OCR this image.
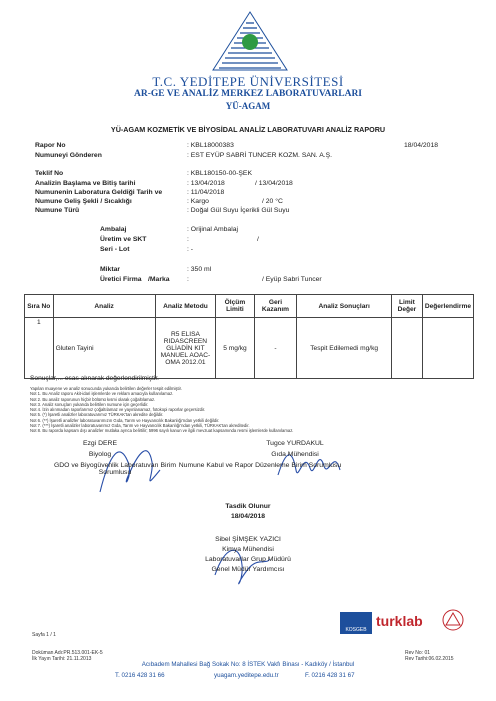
T.C. YEDİTEPE ÜNİVERSİTESİ
AR-GE VE ANALİZ MERKEZ LABORATUVARLARI
YÜ-AGAM
YÜ-AGAM KOZMETİK VE BİYOSİDAL ANALİZ LABORATUVARI ANALİZ RAPORU
Rapor No	: KBL18000383	18/04/2018
Numuneyi Gönderen	: EST EYÜP SABRİ TUNCER KOZM. SAN. A.Ş.
Teklif No	: KBL180150-00-ŞEK
Analizin Başlama ve Bitiş tarihi	: 13/04/2018	/ 13/04/2018
Numunenin Laboratura Geldiği Tarih ve	: 11/04/2018
Numune Geliş Şekli / Sıcaklığı	: Kargo	/ 20 °C
Numune Türü	: Doğal Gül Suyu İçerikli Gül Suyu
Ambalaj	: Orijinal Ambalaj
Üretim ve SKT	:	/
Seri - Lot	: -
Miktar	: 350 ml
Üretici Firma /Marka	:	/ Eyüp Sabri Tuncer
Sıra No	Analiz	Analiz Metodu	Ölçüm Limiti	Geri Kazanım	Analiz Sonuçları	Limit Değer	Değerlendirme
1	Gluten Tayini	R5 ELISA RIDASCREEN GLİADİN KIT MANUEL AOAC-OMA 2012.01	5 mg/kg	-	Tespit Edilemedi mg/kg		
Sonuçlar,... esas alınarak değerlendirilmiştir.
Yapılan muayene ve analiz sonucunda yukarıda belirtilen değerler tespit edilmiştir.
Not 1. Bu Analiz raporu Akit-idari işlemlerde ve reklam amacıyla kullanılamaz.
Not 2. Bu analiz raporunun hiçbir bölümü kısmi olarak çoğaltılamaz.
Not 3. Analiz sonuçları yukarıda belirtilen numune için geçerlidir.
Not 4. İzin alınmadan raporlarımız çoğaltılamaz ve yayınlanamaz, fotokopi raporlar geçersizdir.
Not 5. (*) İşaretli analizler laboratuvarımız TÜRKAK'tan akredite değildir.
Not 6. (**) İşaretli analizler laboratuvarımızın Gıda, Tarım ve Hayvancılık Bakanlığı'ndan yetkili değildir.
Not 7. (***) İşaretli analizler laboratuvarımız Gıda, Tarım ve Hayvancılık Bakanlığı'ndan yetkili, TÜRKAK'tan akreditedir.
Not 8. Bu raporda kapsam dışı analizler mutlaka ayrıca belirtilir; 5996 sayılı kanun ve ilgili mevzuat kapsamında resmi işlemlerde kullanılamaz.
Ezgi DERE
Biyolog
GDO ve Biyogüvenlik Laboratuvarı Birim Sorumlusu
Tugce YURDAKUL
Gıda Mühendisi
Numune Kabul ve Rapor Düzenleme Birim Sorumlusu
Tasdik Olunur
18/04/2018
Sibel ŞİMŞEK YAZICI
Kimya Mühendisi
Laboratuvarlar Grup Müdürü
Genel Müdür Yardımcısı
KOSGEB
turklab
Sayfa 1 / 1
Doküman Adı:PR.513.001-EK-5
İlk Yayın Tarihi: 21.11.2013
Rev No: 01
Rev Tarihi:06.02.2015
Acıbadem Mahallesi Bağ Sokak No: 8 İSTEK Vakfı Binası - Kadıköy / İstanbul
T. 0216 428 31 66	yuagam.yeditepe.edu.tr	F. 0216 428 31 67
